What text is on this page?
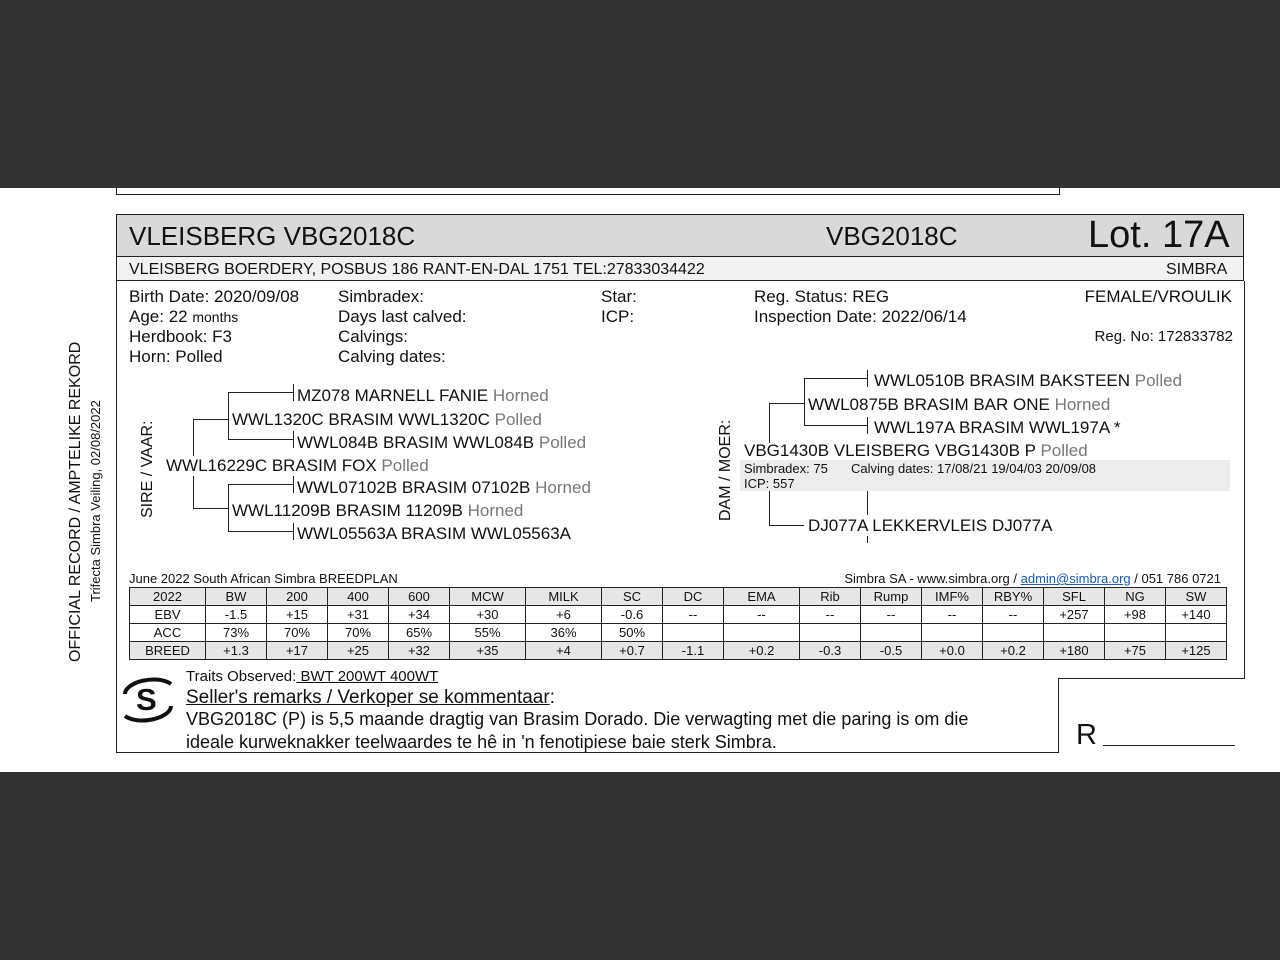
OFFICIAL RECORD / AMPTELIKE REKORD Trifecta Simbra Veiling, 02/08/2022
VLEISBERG VBG2018C	VBG2018C	Lot. 17A
VLEISBERG BOERDERY, POSBUS 186 RANT-EN-DAL 1751 TEL:27833034422	SIMBRA
Birth Date: 2020/09/08
Age: 22 months
Herdbook: F3
Horn: Polled
Simbradex:
Days last calved:
Calvings:
Calving dates:
Star:
ICP:
Reg. Status: REG
Inspection Date: 2022/06/14
FEMALE/VROULIK
Reg. No: 172833782
SIRE / VAAR:
MZ078 MARNELL FANIE Horned
WWL1320C BRASIM WWL1320C Polled
WWL084B BRASIM WWL084B Polled
WWL16229C BRASIM FOX Polled
WWL07102B BRASIM 07102B Horned
WWL11209B BRASIM 11209B Horned
WWL05563A BRASIM WWL05563A
DAM / MOER:
WWL0510B BRASIM BAKSTEEN Polled
WWL0875B BRASIM BAR ONE Horned
WWL197A BRASIM WWL197A *
VBG1430B VLEISBERG VBG1430B P Polled
Simbradex: 75 Calving dates: 17/08/21 19/04/03 20/09/08
ICP: 557
DJ077A LEKKERVLEIS DJ077A
June 2022 South African Simbra BREEDPLAN	Simbra SA - www.simbra.org / admin@simbra.org / 051 786 0721
2022	BW	200	400	600	MCW	MILK	SC	DC	EMA	Rib	Rump	IMF%	RBY%	SFL	NG	SW
EBV	-1.5	+15	+31	+34	+30	+6	-0.6	--	--	--	--	--	--	+257	+98	+140
ACC	73%	70%	70%	65%	55%	36%	50%									
BREED	+1.3	+17	+25	+32	+35	+4	+0.7	-1.1	+0.2	-0.3	-0.5	+0.0	+0.2	+180	+75	+125
S
Traits Observed: BWT 200WT 400WT
Seller's remarks / Verkoper se kommentaar:
VBG2018C (P) is 5,5 maande dragtig van Brasim Dorado. Die verwagting met die paring is om die
ideale kurweknakker teelwaardes te hê in 'n fenotipiese baie sterk Simbra.	R
